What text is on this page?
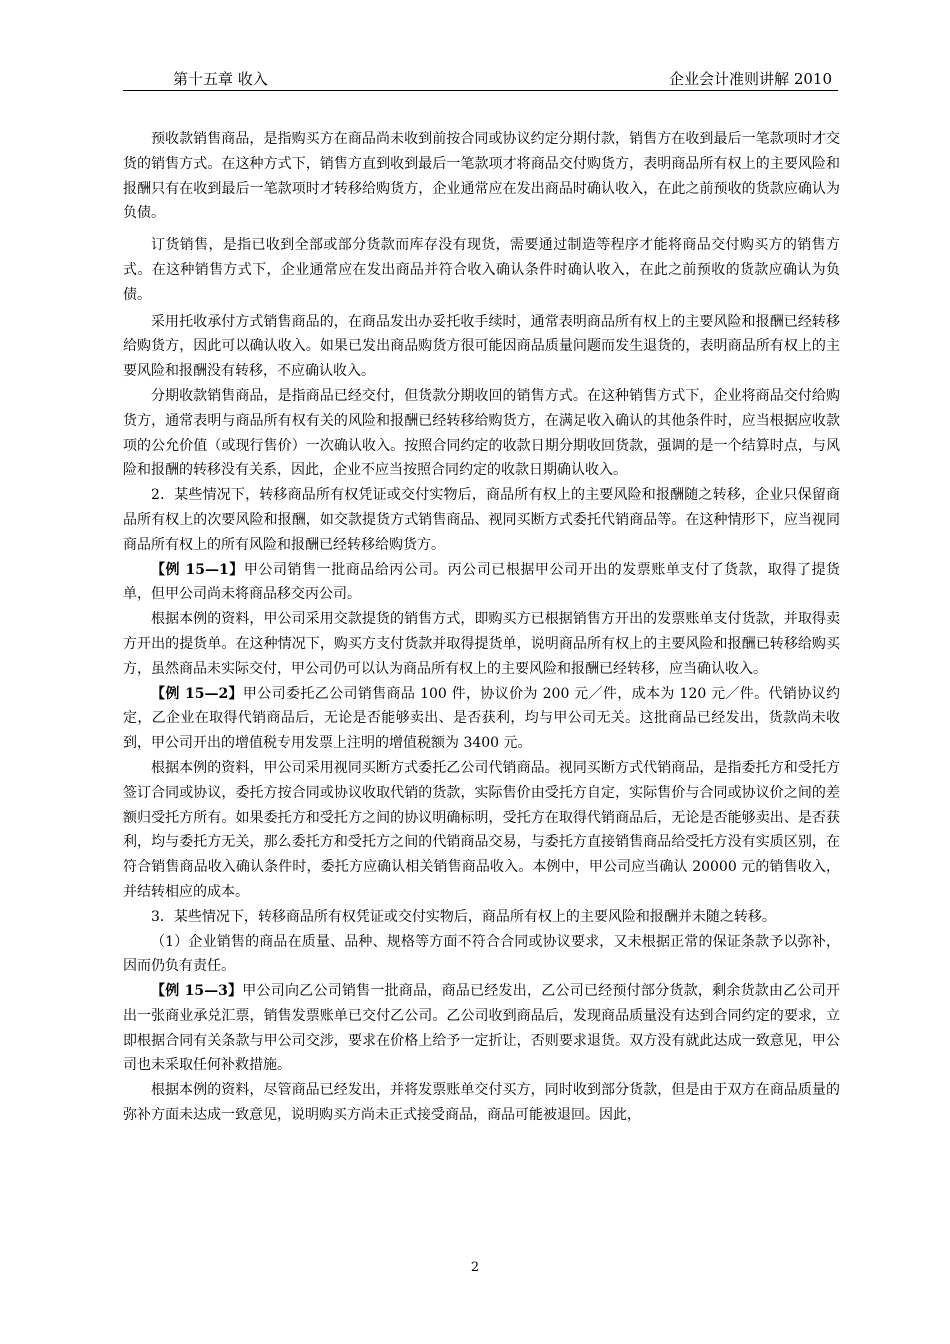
第十五章 收入	企业会计准则讲解 2010

预收款销售商品，是指购买方在商品尚未收到前按合同或协议约定分期付款，销售方在收到最后一笔款项时才交货的销售方式。在这种方式下，销售方直到收到最后一笔款项才将商品交付购货方，表明商品所有权上的主要风险和报酬只有在收到最后一笔款项时才转移给购货方，企业通常应在发出商品时确认收入，在此之前预收的货款应确认为负债。

订货销售，是指已收到全部或部分货款而库存没有现货，需要通过制造等程序才能将商品交付购买方的销售方式。在这种销售方式下，企业通常应在发出商品并符合收入确认条件时确认收入，在此之前预收的货款应确认为负债。

采用托收承付方式销售商品的，在商品发出办妥托收手续时，通常表明商品所有权上的主要风险和报酬已经转移给购货方，因此可以确认收入。如果已发出商品购货方很可能因商品质量问题而发生退货的，表明商品所有权上的主要风险和报酬没有转移，不应确认收入。

分期收款销售商品，是指商品已经交付，但货款分期收回的销售方式。在这种销售方式下，企业将商品交付给购货方，通常表明与商品所有权有关的风险和报酬已经转移给购货方，在满足收入确认的其他条件时，应当根据应收款项的公允价值（或现行售价）一次确认收入。按照合同约定的收款日期分期收回货款，强调的是一个结算时点，与风险和报酬的转移没有关系，因此，企业不应当按照合同约定的收款日期确认收入。

2．某些情况下，转移商品所有权凭证或交付实物后，商品所有权上的主要风险和报酬随之转移，企业只保留商品所有权上的次要风险和报酬，如交款提货方式销售商品、视同买断方式委托代销商品等。在这种情形下，应当视同商品所有权上的所有风险和报酬已经转移给购货方。

【例 15—1】甲公司销售一批商品给丙公司。丙公司已根据甲公司开出的发票账单支付了货款，取得了提货单，但甲公司尚未将商品移交丙公司。

根据本例的资料，甲公司采用交款提货的销售方式，即购买方已根据销售方开出的发票账单支付货款，并取得卖方开出的提货单。在这种情况下，购买方支付货款并取得提货单，说明商品所有权上的主要风险和报酬已转移给购买方，虽然商品未实际交付，甲公司仍可以认为商品所有权上的主要风险和报酬已经转移，应当确认收入。

【例 15—2】甲公司委托乙公司销售商品 100 件，协议价为 200 元／件，成本为 120 元／件。代销协议约定，乙企业在取得代销商品后，无论是否能够卖出、是否获利，均与甲公司无关。这批商品已经发出，货款尚未收到，甲公司开出的增值税专用发票上注明的增值税额为 3400 元。

根据本例的资料，甲公司采用视同买断方式委托乙公司代销商品。视同买断方式代销商品，是指委托方和受托方签订合同或协议，委托方按合同或协议收取代销的货款，实际售价由受托方自定，实际售价与合同或协议价之间的差额归受托方所有。如果委托方和受托方之间的协议明确标明，受托方在取得代销商品后，无论是否能够卖出、是否获利，均与委托方无关，那么委托方和受托方之间的代销商品交易，与委托方直接销售商品给受托方没有实质区别，在符合销售商品收入确认条件时，委托方应确认相关销售商品收入。本例中，甲公司应当确认 20000 元的销售收入，并结转相应的成本。

3．某些情况下，转移商品所有权凭证或交付实物后，商品所有权上的主要风险和报酬并未随之转移。

（1）企业销售的商品在质量、品种、规格等方面不符合合同或协议要求，又未根据正常的保证条款予以弥补，因而仍负有责任。

【例 15—3】甲公司向乙公司销售一批商品，商品已经发出，乙公司已经预付部分货款，剩余货款由乙公司开出一张商业承兑汇票，销售发票账单已交付乙公司。乙公司收到商品后，发现商品质量没有达到合同约定的要求，立即根据合同有关条款与甲公司交涉，要求在价格上给予一定折让，否则要求退货。双方没有就此达成一致意见，甲公司也未采取任何补救措施。

根据本例的资料，尽管商品已经发出，并将发票账单交付买方，同时收到部分货款，但是由于双方在商品质量的弥补方面未达成一致意见，说明购买方尚未正式接受商品，商品可能被退回。因此，

2
